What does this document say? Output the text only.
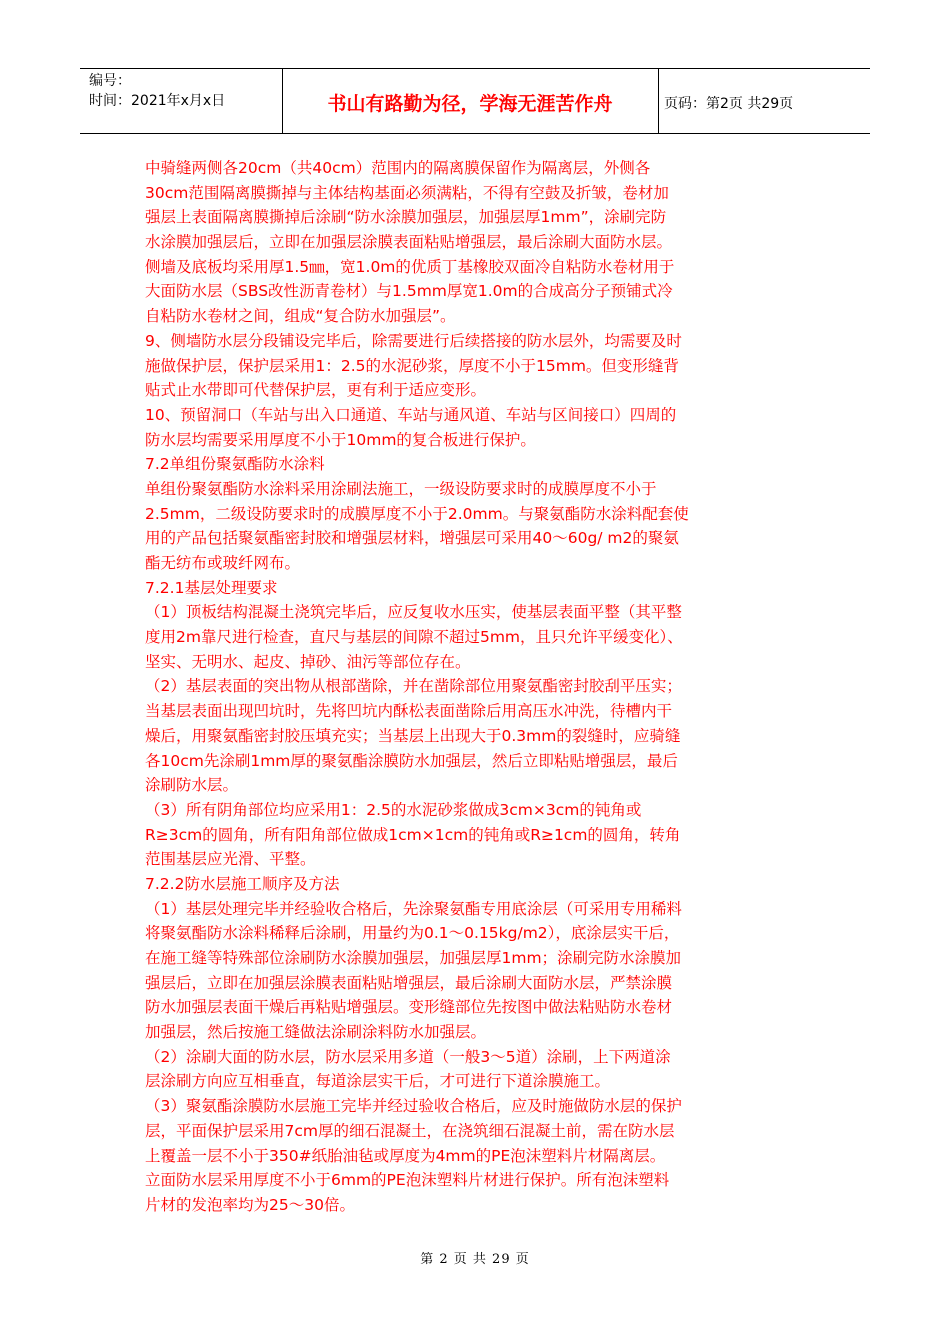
编号：
时间：2021年x月x日	书山有路勤为径，学海无涯苦作舟	页码：第2页 共29页
中骑缝两侧各20cm（共40cm）范围内的隔离膜保留作为隔离层，外侧各
30cm范围隔离膜撕掉与主体结构基面必须满粘，不得有空鼓及折皱，卷材加
强层上表面隔离膜撕掉后涂刷“防水涂膜加强层，加强层厚1mm”，涂刷完防
水涂膜加强层后，立即在加强层涂膜表面粘贴增强层，最后涂刷大面防水层。
侧墙及底板均采用厚1.5㎜，宽1.0m的优质丁基橡胶双面冷自粘防水卷材用于
大面防水层（SBS改性沥青卷材）与1.5mm厚宽1.0m的合成高分子预铺式冷
自粘防水卷材之间，组成“复合防水加强层”。
9、侧墙防水层分段铺设完毕后，除需要进行后续搭接的防水层外，均需要及时
施做保护层，保护层采用1：2.5的水泥砂浆，厚度不小于15mm。但变形缝背
贴式止水带即可代替保护层，更有利于适应变形。
10、预留洞口（车站与出入口通道、车站与通风道、车站与区间接口）四周的
防水层均需要采用厚度不小于10mm的复合板进行保护。
7.2单组份聚氨酯防水涂料
单组份聚氨酯防水涂料采用涂刷法施工，一级设防要求时的成膜厚度不小于
2.5mm，二级设防要求时的成膜厚度不小于2.0mm。与聚氨酯防水涂料配套使
用的产品包括聚氨酯密封胶和增强层材料，增强层可采用40～60g/ m2的聚氨
酯无纺布或玻纤网布。
7.2.1基层处理要求
（1）顶板结构混凝土浇筑完毕后，应反复收水压实，使基层表面平整（其平整
度用2m靠尺进行检查，直尺与基层的间隙不超过5mm，且只允许平缓变化）、
坚实、无明水、起皮、掉砂、油污等部位存在。
（2）基层表面的突出物从根部凿除，并在凿除部位用聚氨酯密封胶刮平压实；
当基层表面出现凹坑时，先将凹坑内酥松表面凿除后用高压水冲洗，待槽内干
燥后，用聚氨酯密封胶压填充实；当基层上出现大于0.3mm的裂缝时，应骑缝
各10cm先涂刷1mm厚的聚氨酯涂膜防水加强层，然后立即粘贴增强层，最后
涂刷防水层。
（3）所有阴角部位均应采用1：2.5的水泥砂浆做成3cm×3cm的钝角或
R≥3cm的圆角，所有阳角部位做成1cm×1cm的钝角或R≥1cm的圆角，转角
范围基层应光滑、平整。
7.2.2防水层施工顺序及方法
（1）基层处理完毕并经验收合格后，先涂聚氨酯专用底涂层（可采用专用稀料
将聚氨酯防水涂料稀释后涂刷，用量约为0.1～0.15kg/m2），底涂层实干后，
在施工缝等特殊部位涂刷防水涂膜加强层，加强层厚1mm；涂刷完防水涂膜加
强层后，立即在加强层涂膜表面粘贴增强层，最后涂刷大面防水层，严禁涂膜
防水加强层表面干燥后再粘贴增强层。变形缝部位先按图中做法粘贴防水卷材
加强层，然后按施工缝做法涂刷涂料防水加强层。
（2）涂刷大面的防水层，防水层采用多道（一般3～5道）涂刷，上下两道涂
层涂刷方向应互相垂直，每道涂层实干后，才可进行下道涂膜施工。
（3）聚氨酯涂膜防水层施工完毕并经过验收合格后，应及时施做防水层的保护
层，平面保护层采用7cm厚的细石混凝土，在浇筑细石混凝土前，需在防水层
上覆盖一层不小于350#纸胎油毡或厚度为4mm的PE泡沫塑料片材隔离层。
立面防水层采用厚度不小于6mm的PE泡沫塑料片材进行保护。所有泡沫塑料
片材的发泡率均为25～30倍。
第 2 页 共 29 页
